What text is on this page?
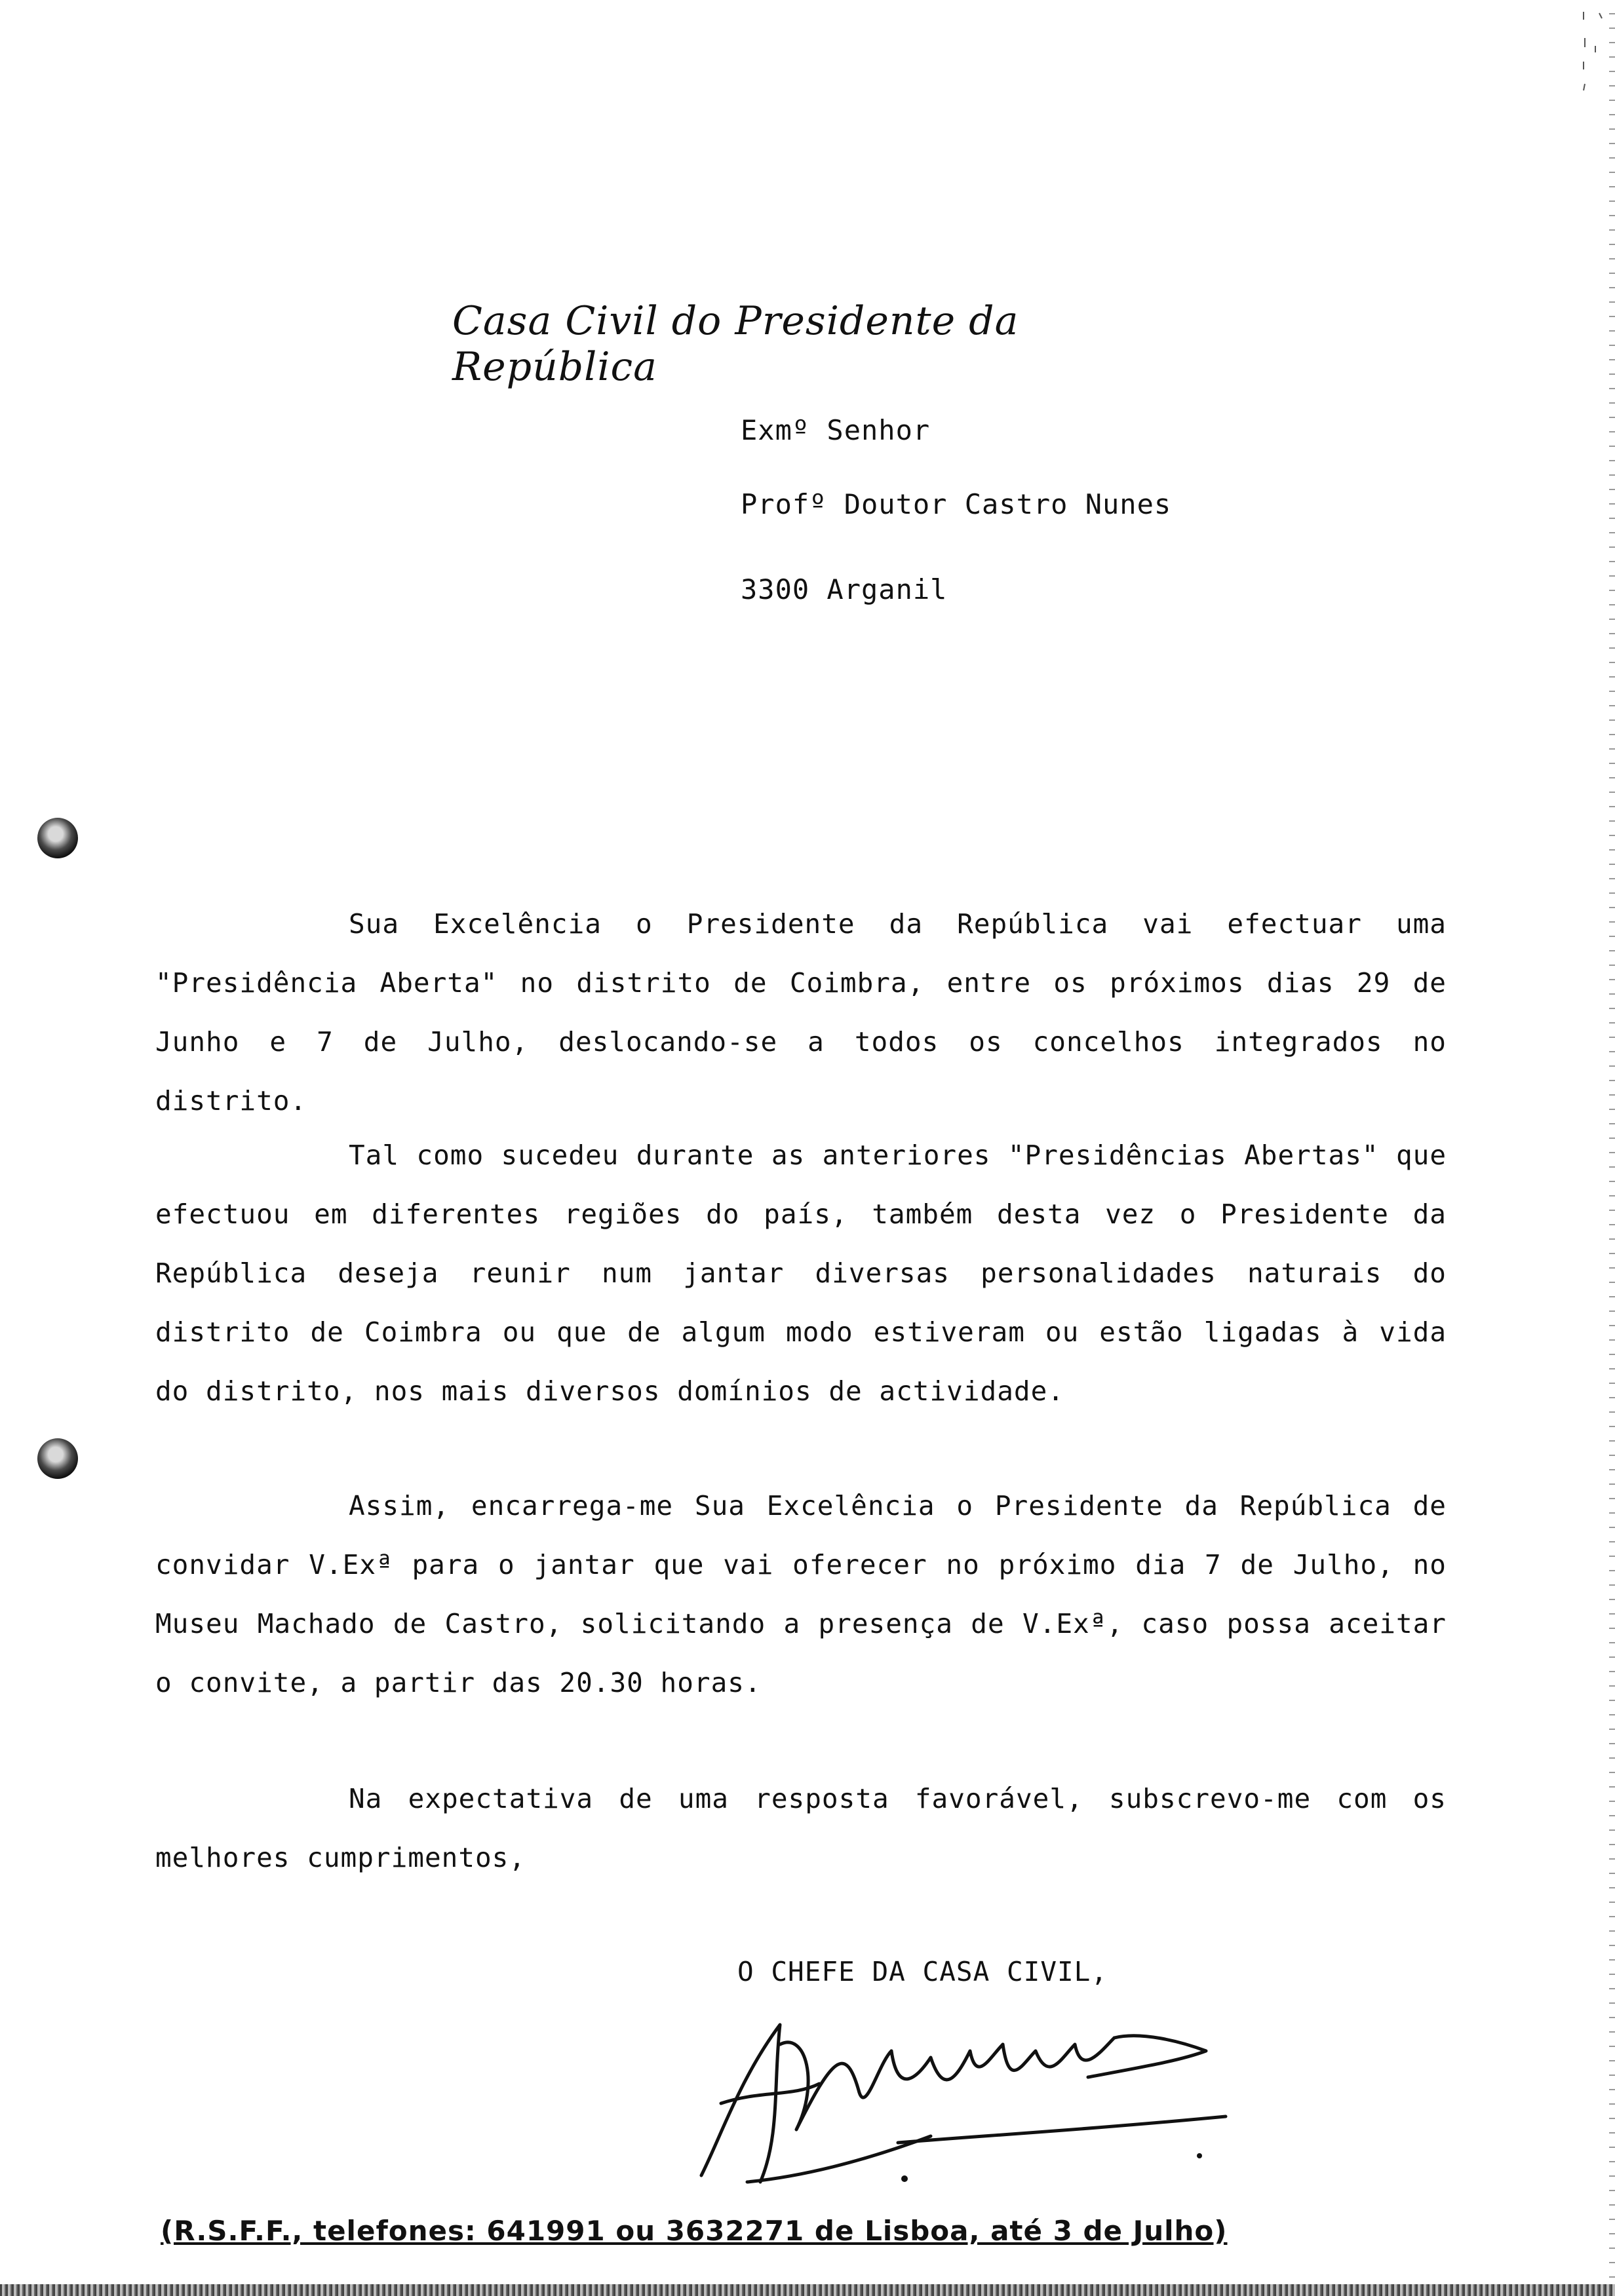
Casa Civil do Presidente da República
Exmº Senhor
Profº Doutor Castro Nunes
3300 Arganil
Sua Excelência o Presidente da República vai efectuar uma "Presidência Aberta" no distrito de Coimbra, entre os próximos dias 29 de Junho e 7 de Julho, deslocando-se a todos os concelhos integrados no distrito.
Tal como sucedeu durante as anteriores "Presidências Abertas" que efectuou em diferentes regiões do país, também desta vez o Presidente da República deseja reunir num jantar diversas personalidades naturais do distrito de Coimbra ou que de algum modo estiveram ou estão ligadas à vida do distrito, nos mais diversos domínios de actividade.
Assim, encarrega-me Sua Excelência o Presidente da República de convidar V.Exª para o jantar que vai oferecer no próximo dia 7 de Julho, no Museu Machado de Castro, solicitando a presença de V.Exª, caso possa aceitar o convite, a partir das 20.30 horas.
Na expectativa de uma resposta favorável, subscrevo-me com os melhores cumprimentos,
O CHEFE DA CASA CIVIL,
(R.S.F.F., telefones: 641991 ou 3632271 de Lisboa, até 3 de Julho)
